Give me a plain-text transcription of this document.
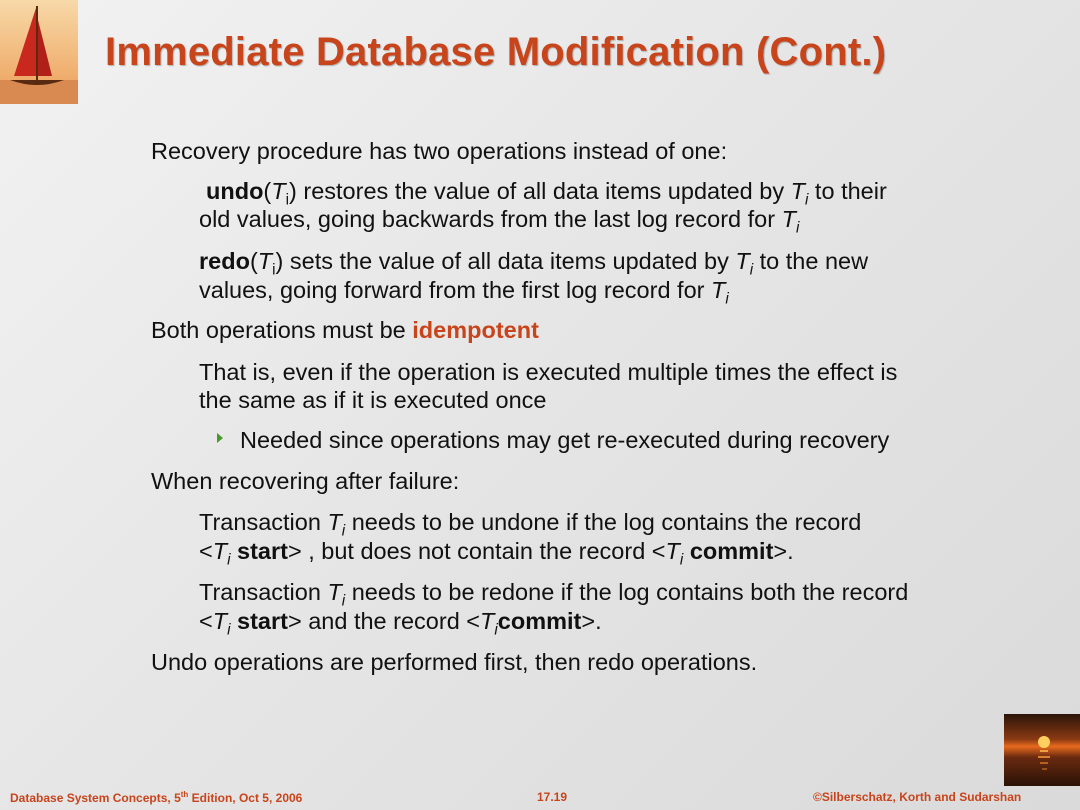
Immediate Database Modification (Cont.)

Recovery procedure has two operations instead of one:

$undo(T_i)$ restores the value of all data items updated by $T_i$ to their

old values, going backwards from the last log record for $T_i$

$redo(T_i)$ sets the value of all data items updated by $T_i$ to the new

values, going forward from the first log record for $T_i$

Both operations must be idempotent

That is, even if the operation is executed multiple times the effect is

the same as if it is executed once

Needed since operations may get re-executed during recovery

When recovering after failure:

Transaction $T_i$ needs to be undone if the log contains the record

$<T_i$ start> , but does not contain the record $<T_i$ commit>.

Transaction $T_i$ needs to be redone if the log contains both the record

$<T_i$ start> and the record $<T_icommit>$.

Undo operations are performed first, then redo operations.

Database System Concepts, 5th Edition, Oct 5, 2006	17.19	©Silberschatz, Korth and Sudarshan
